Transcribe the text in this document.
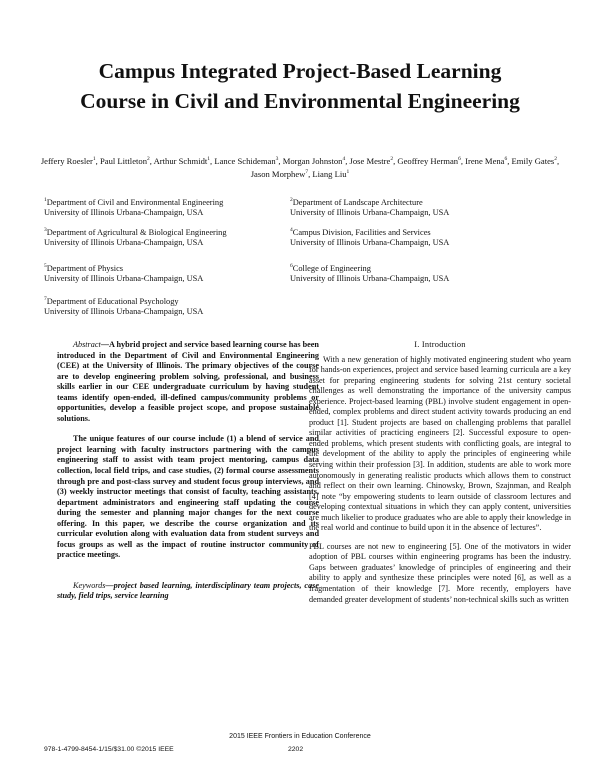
Campus Integrated Project-Based Learning
Course in Civil and Environmental Engineering
Jeffery Roesler$^1$, Paul Littleton$^2$, Arthur Schmidt$^1$, Lance Schideman$^3$, Morgan Johnston$^4$, Jose Mestre$^2$, Geoffrey Herman$^6$, Irene Mena$^6$, Emily Gates$^2$, Jason Morphew$^7$, Liang Liu$^1$
$^1$Department of Civil and Environmental Engineering
University of Illinois Urbana-Champaign, USA
$^3$Department of Agricultural & Biological Engineering
University of Illinois Urbana-Champaign, USA
$^5$Department of Physics
University of Illinois Urbana-Champaign, USA
$^7$Department of Educational Psychology
University of Illinois Urbana-Champaign, USA
$^2$Department of Landscape Architecture
University of Illinois Urbana-Champaign, USA
$^4$Campus Division, Facilities and Services
University of Illinois Urbana-Champaign, USA
$^6$College of Engineering
University of Illinois Urbana-Champaign, USA

Abstract—A hybrid project and service based learning course has been introduced in the Department of Civil and Environmental Engineering (CEE) at the University of Illinois. The primary objectives of the course are to develop engineering problem solving, professional, and business skills earlier in our CEE undergraduate curriculum by having student teams identify open-ended, ill-defined campus/community problems or opportunities, develop a feasible project scope, and propose sustainable solutions.

The unique features of our course include (1) a blend of service and project learning with faculty instructors partnering with the campus engineering staff to assist with team project mentoring, campus data collection, local field trips, and case studies, (2) formal course assessments through pre and post-class survey and student focus group interviews, and (3) weekly instructor meetings that consist of faculty, teaching assistants, department administrators and engineering staff updating the course during the semester and planning major changes for the next course offering. In this paper, we describe the course organization and its curricular evolution along with evaluation data from student surveys and focus groups as well as the impact of routine instructor community of practice meetings.

Keywords—project based learning, interdisciplinary team projects, case study, field trips, service learning

I. Introduction

With a new generation of highly motivated engineering student who yearn for hands-on experiences, project and service based learning curricula are a key asset for preparing engineering students for solving 21st century societal challenges as well demonstrating the importance of the university campus experience. Project-based learning (PBL) involve student engagement in open-ended, complex problems and direct student activity towards producing an end product [1]. Student projects are based on challenging problems that parallel similar activities of practicing engineers [2]. Successful exposure to open-ended problems, which present students with conflicting goals, are integral to the development of the ability to apply the principles of engineering while serving within their profession [3]. In addition, students are able to work more autonomously in generating realistic products which allows them to construct and reflect on their own learning. Chinowsky, Brown, Szajnman, and Realph [4] note “by empowering students to learn outside of classroom lectures and developing contextual situations in which they can apply content, universities are much likelier to produce graduates who are able to apply their knowledge in the real world and continue to build upon it in the absence of lectures”.

PBL courses are not new to engineering [5]. One of the motivators in wider adoption of PBL courses within engineering programs has been the industry. Gaps between graduates’ knowledge of principles of engineering and their ability to apply and synthesize these principles were noted [6], as well as a fragmentation of their knowledge [7]. More recently, employers have demanded greater development of students’ non-technical skills such as written

2015 IEEE Frontiers in Education Conference
978-1-4799-8454-1/15/$31.00 ©2015 IEEE	2202
